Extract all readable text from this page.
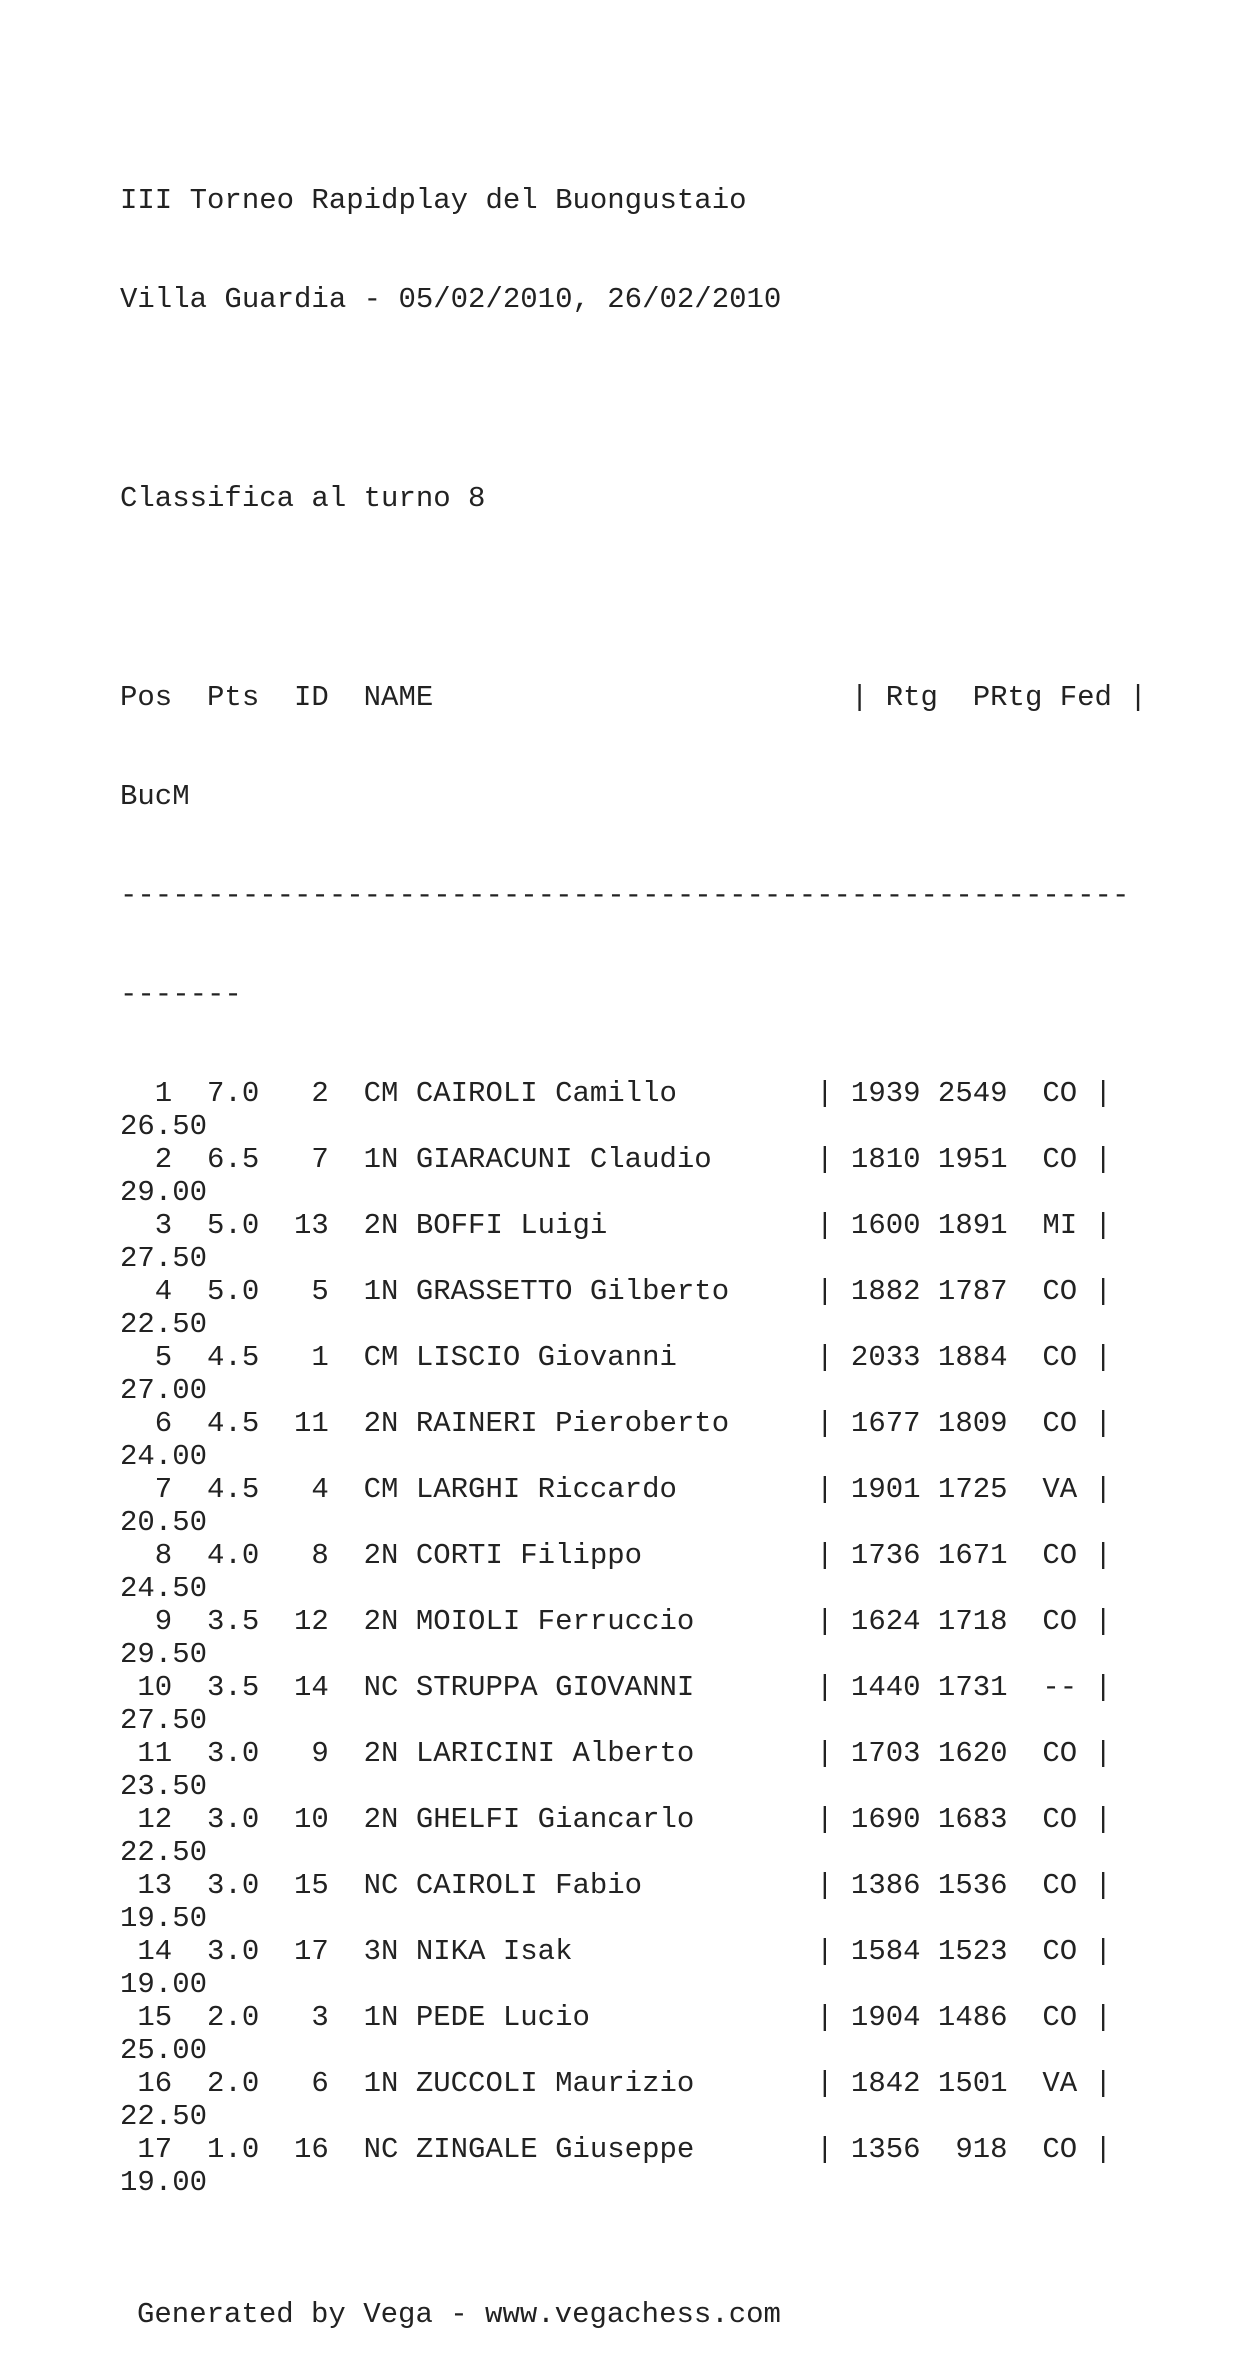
III Torneo Rapidplay del Buongustaio

Villa Guardia - 05/02/2010, 26/02/2010

Classifica al turno 8

Pos  Pts  ID  NAME                        | Rtg  PRtg Fed |

BucM

----------------------------------------------------------

-------

1  7.0   2  CM CAIROLI Camillo        | 1939 2549  CO |
26.50
2  6.5   7  1N GIARACUNI Claudio      | 1810 1951  CO |
29.00
3  5.0  13  2N BOFFI Luigi            | 1600 1891  MI |
27.50
4  5.0   5  1N GRASSETTO Gilberto     | 1882 1787  CO |
22.50
5  4.5   1  CM LISCIO Giovanni        | 2033 1884  CO |
27.00
6  4.5  11  2N RAINERI Pieroberto     | 1677 1809  CO |
24.00
7  4.5   4  CM LARGHI Riccardo        | 1901 1725  VA |
20.50
8  4.0   8  2N CORTI Filippo          | 1736 1671  CO |
24.50
9  3.5  12  2N MOIOLI Ferruccio       | 1624 1718  CO |
29.50
10  3.5  14  NC STRUPPA GIOVANNI       | 1440 1731  -- |
27.50
11  3.0   9  2N LARICINI Alberto       | 1703 1620  CO |
23.50
12  3.0  10  2N GHELFI Giancarlo       | 1690 1683  CO |
22.50
13  3.0  15  NC CAIROLI Fabio          | 1386 1536  CO |
19.50
14  3.0  17  3N NIKA Isak              | 1584 1523  CO |
19.00
15  2.0   3  1N PEDE Lucio             | 1904 1486  CO |
25.00
16  2.0   6  1N ZUCCOLI Maurizio       | 1842 1501  VA |
22.50
17  1.0  16  NC ZINGALE Giuseppe       | 1356  918  CO |
19.00

Generated by Vega - www.vegachess.com
